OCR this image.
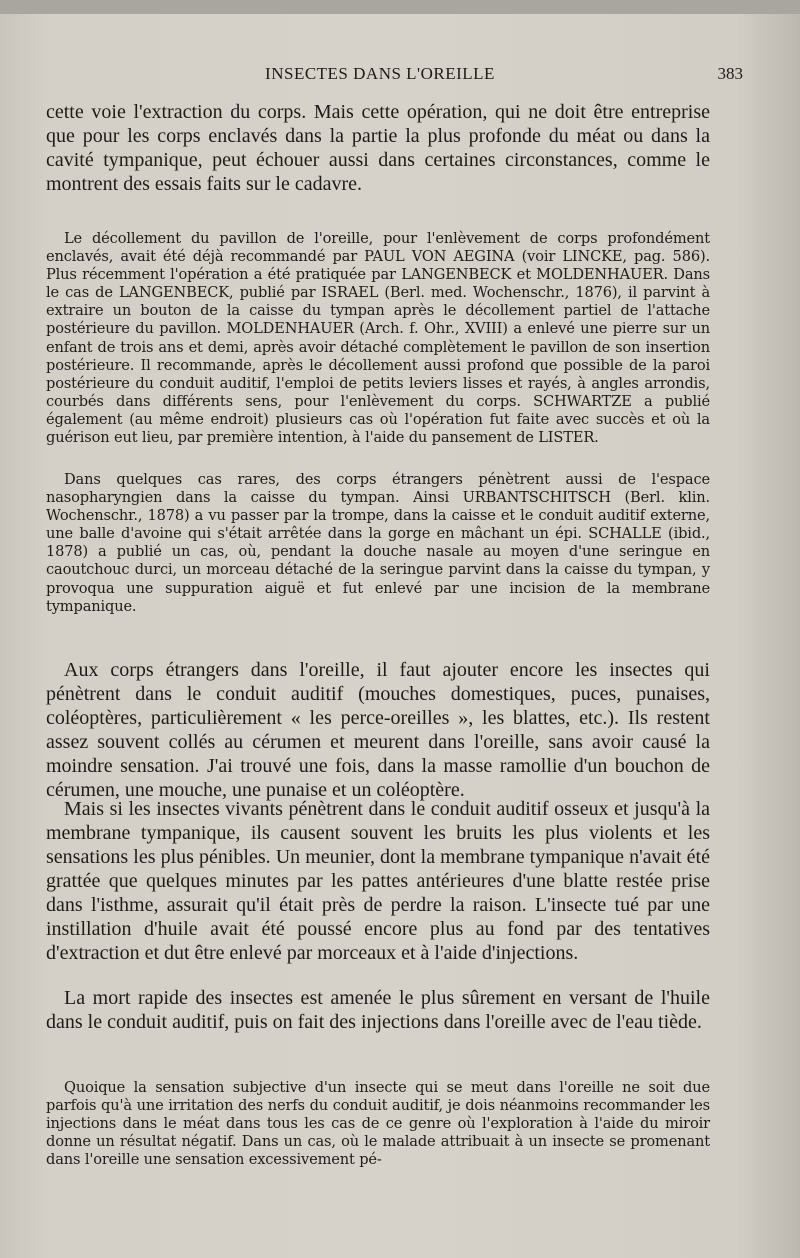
INSECTES DANS L'OREILLE	383

cette voie l'extraction du corps. Mais cette opération, qui ne doit être entreprise que pour les corps enclavés dans la partie la plus profonde du méat ou dans la cavité tympanique, peut échouer aussi dans certaines circonstances, comme le montrent des essais faits sur le cadavre.

Le décollement du pavillon de l'oreille, pour l'enlèvement de corps profondément enclavés, avait été déjà recommandé par PAUL VON AEGINA (voir LINCKE, pag. 586). Plus récemment l'opération a été pratiquée par LANGENBECK et MOLDENHAUER. Dans le cas de LANGENBECK, publié par ISRAEL (Berl. med. Wochenschr., 1876), il parvint à extraire un bouton de la caisse du tympan après le décollement partiel de l'attache postérieure du pavillon. MOLDENHAUER (Arch. f. Ohr., XVIII) a enlevé une pierre sur un enfant de trois ans et demi, après avoir détaché complètement le pavillon de son insertion postérieure. Il recommande, après le décollement aussi profond que possible de la paroi postérieure du conduit auditif, l'emploi de petits leviers lisses et rayés, à angles arrondis, courbés dans différents sens, pour l'enlèvement du corps. SCHWARTZE a publié également (au même endroit) plusieurs cas où l'opération fut faite avec succès et où la guérison eut lieu, par première intention, à l'aide du pansement de LISTER.

Dans quelques cas rares, des corps étrangers pénètrent aussi de l'espace nasopharyngien dans la caisse du tympan. Ainsi URBANTSCHITSCH (Berl. klin. Wochenschr., 1878) a vu passer par la trompe, dans la caisse et le conduit auditif externe, une balle d'avoine qui s'était arrêtée dans la gorge en mâchant un épi. SCHALLE (ibid., 1878) a publié un cas, où, pendant la douche nasale au moyen d'une seringue en caoutchouc durci, un morceau détaché de la seringue parvint dans la caisse du tympan, y provoqua une suppuration aiguë et fut enlevé par une incision de la membrane tympanique.

Aux corps étrangers dans l'oreille, il faut ajouter encore les insectes qui pénètrent dans le conduit auditif (mouches domestiques, puces, punaises, coléoptères, particulièrement « les perce-oreilles », les blattes, etc.). Ils restent assez souvent collés au cérumen et meurent dans l'oreille, sans avoir causé la moindre sensation. J'ai trouvé une fois, dans la masse ramollie d'un bouchon de cérumen, une mouche, une punaise et un coléoptère.

Mais si les insectes vivants pénètrent dans le conduit auditif osseux et jusqu'à la membrane tympanique, ils causent souvent les bruits les plus violents et les sensations les plus pénibles. Un meunier, dont la membrane tympanique n'avait été grattée que quelques minutes par les pattes antérieures d'une blatte restée prise dans l'isthme, assurait qu'il était près de perdre la raison. L'insecte tué par une instillation d'huile avait été poussé encore plus au fond par des tentatives d'extraction et dut être enlevé par morceaux et à l'aide d'injections.

La mort rapide des insectes est amenée le plus sûrement en versant de l'huile dans le conduit auditif, puis on fait des injections dans l'oreille avec de l'eau tiède.

Quoique la sensation subjective d'un insecte qui se meut dans l'oreille ne soit due parfois qu'à une irritation des nerfs du conduit auditif, je dois néanmoins recommander les injections dans le méat dans tous les cas de ce genre où l'exploration à l'aide du miroir donne un résultat négatif. Dans un cas, où le malade attribuait à un insecte se promenant dans l'oreille une sensation excessivement pé-
